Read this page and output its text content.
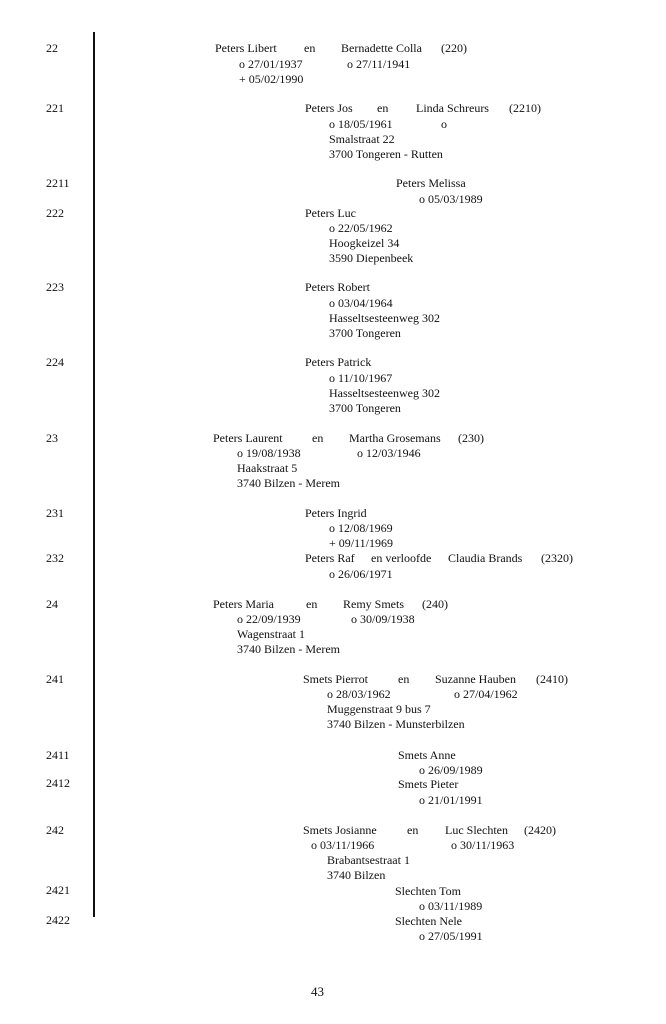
22	Peters Libert en Bernadette Colla (220)
o 27/01/1937	o 27/11/1941
+ 05/02/1990
221	Peters Jos en Linda Schreurs (2210)
o 18/05/1961	o
Smalstraat 22
3700 Tongeren - Rutten
2211	Peters Melissa
o 05/03/1989
222	Peters Luc
o 22/05/1962
Hoogkeizel 34
3590 Diepenbeek
223	Peters Robert
o 03/04/1964
Hasseltsesteenweg 302
3700 Tongeren
224	Peters Patrick
o 11/10/1967
Hasseltsesteenweg 302
3700 Tongeren
23	Peters Laurent en Martha Grosemans (230)
o 19/08/1938	o 12/03/1946
Haakstraat 5
3740 Bilzen - Merem
231	Peters Ingrid
o 12/08/1969
+ 09/11/1969
232	Peters Raf en verloofde Claudia Brands (2320)
o 26/06/1971
24	Peters Maria	en Remy Smets (240)
o 22/09/1939	o 30/09/1938
Wagenstraat 1
3740 Bilzen - Merem
241	Smets Pierrot	en Suzanne Hauben (2410)
o 28/03/1962	o 27/04/1962
Muggenstraat 9 bus 7
3740 Bilzen - Munsterbilzen
2411	Smets Anne
o 26/09/1989
2412	Smets Pieter
o 21/01/1991
242	Smets Josianne	en Luc Slechten (2420)
o 03/11/1966	o 30/11/1963
Brabantsestraat 1
3740 Bilzen
2421	Slechten Tom
o 03/11/1989
2422	Slechten Nele
o 27/05/1991
43
